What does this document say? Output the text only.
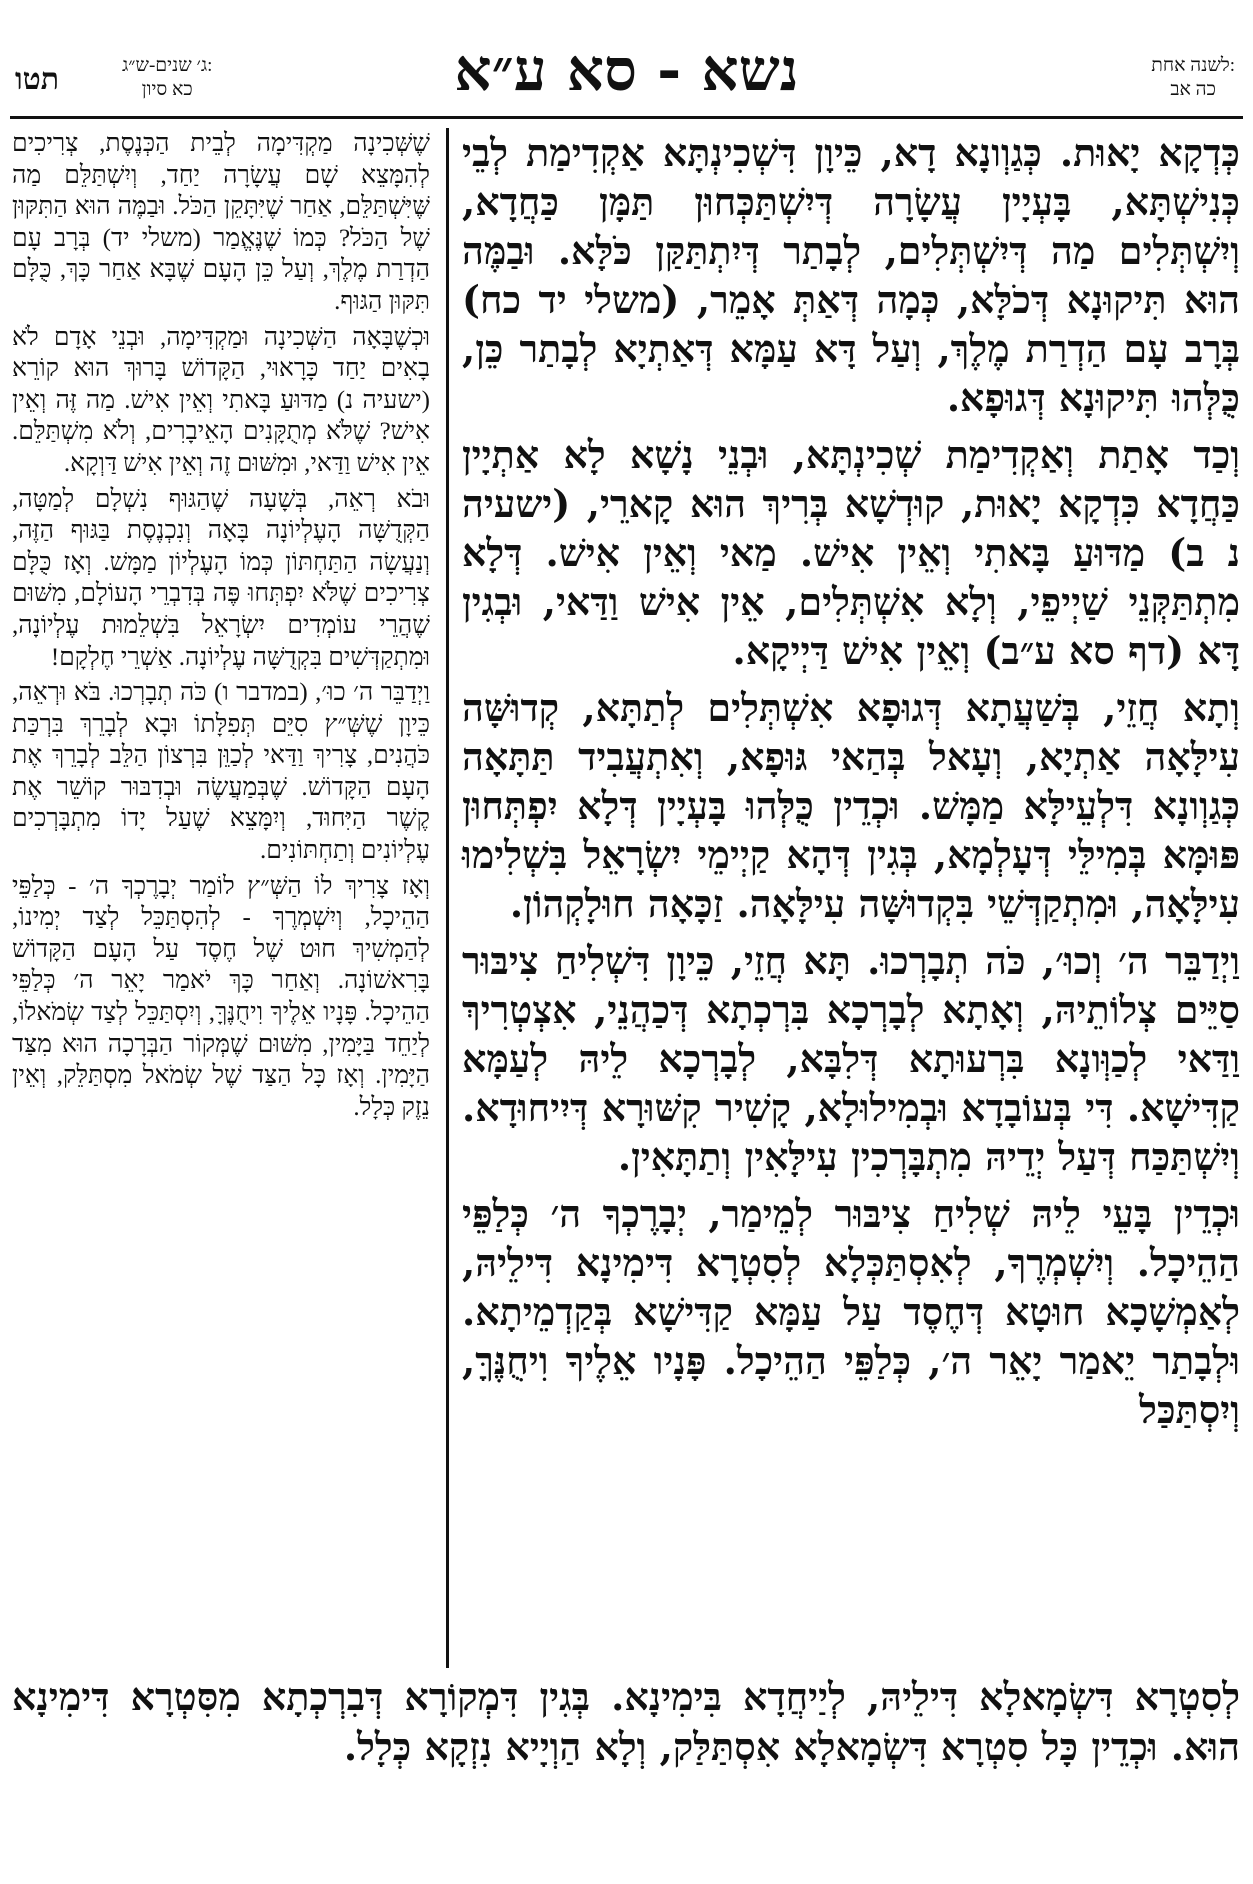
תטו	ג׳ שנים-ש״ג:
כא סיון	נשא - סא ע״א	לשנה אחת:
כה אב

כְּדְקָא יָאוּת. כְּגַוְונָא דָא, כֵּיוָן דִּשְׁכִינְתָּא אַקְדִימַת לְבֵי כְּנִישְׁתָּא, בָּעְיָין עֲשָׂרָה דְּיִשְׁתַּכְּחוּן תַּמָּן כַּחֲדָא, וְיִשְׁתְּלִים מַה דְּיִשְׁתְּלִים, לְבָתַר דְּיִתְתַּקַּן כֹּלָּא. וּבַמֶּה הוּא תִּיקוּנָא דְּכֹלָּא, כְּמָה דְּאַתְּ אָמֵר, (משלי יד כח) בְּרָב עָם הַדְרַת מֶלֶךְ, וְעַל דָּא עַמָּא דְּאַתְיָא לְבָתַר כֵּן, כֻּלְּהוּ תִּיקוּנָא דְּגוּפָא.

וְכַד אָתַת וְאַקְדִימַת שְׁכִינְתָּא, וּבְנֵי נָשָׁא לָא אַתְיָין כַּחֲדָא כִּדְקָא יָאוּת, קוּדְשָׁא בְּרִיךְ הוּא קָארֵי, (ישעיה נ ב) מַדּוּעַ בָּאתִי וְאֵין אִישׁ. מַאי וְאֵין אִישׁ. דְּלָא מִתְתַּקְּנֵי שַׁיְיפֵי, וְלָא אִשְׁתְּלִים, אֵין אִישׁ וַדַּאי, וּבְגִין דָּא (דף סא ע״ב) וְאֵין אִישׁ דַּיְיקָא.

וְתָא חֲזֵי, בְּשַׁעֲתָא דְּגוּפָא אִשְׁתְּלִים לְתַתָּא, קְדוּשָּׁה עִילָּאָה אַתְיָא, וְעָאל בְּהַאי גּוּפָא, וְאִתְעֲבִיד תַּתָּאָה כְּגַוְונָא דִּלְעֵילָּא מַמָּשׁ. וּכְדֵין כֻּלְּהוּ בָּעְיָין דְּלָא יִפְתְּחוּן פּוּמָּא בְּמִילֵּי דְּעָלְמָא, בְּגִין דְּהָא קַיְימֵי יִשְׂרָאֵל בִּשְׁלִימוּ עִילָּאָה, וּמִתְקַדְּשֵׁי בִּקְדוּשָּׁה עִילָּאָה. זַכָּאָה חוּלָקְהוֹן.

וַיְדַבֵּר ה׳ וְכוּ׳, כֹּה תְבָרְכוּ. תָּא חֲזֵי, כֵּיוָן דִּשְׁלִיחַ צִיבּוּר סַיֵּים צְלוֹתֵיהּ, וְאָתָא לְבָרְכָא בִּרְכְתָא דְּכַהֲנֵי, אִצְטְרִיךְ וַדַּאי לְכַוְּונָא בִּרְעוּתָא דְּלִבָּא, לְבָרְכָא לֵיהּ לְעַמָּא קַדִּישָׁא. דִּי בְּעוֹבָדָא וּבְמִילוּלָא, קָשִׁיר קִשּׁוּרָא דְּיִיחוּדָא. וְיִשְׁתַּכַּח דְּעַל יְדֵיהּ מִתְבָּרְכִין עִילָּאִין וְתַתָּאִין.

וּכְדֵין בָּעֵי לֵיהּ שְׁלִיחַ צִיבּוּר לְמֵימַר, יְבָרֶכְךָ ה׳ כְּלַפֵּי הַהֵיכָל. וְיִשְׁמְרֶךָ, לְאִסְתַּכְּלָא לְסִטְרָא דִּימִינָא דִּילֵיהּ, לְאַמְשָׁכָא חוּטָא דְּחֶסֶד עַל עַמָּא קַדִּישָׁא בְּקַדְמֵיתָא. וּלְבָתַר יֵאמַר יָאֵר ה׳, כְּלַפֵּי הַהֵיכָל. פָּנָיו אֵלֶיךָ וִיחֻנֶּךָּ, וְיִסְתַּכַּל

שֶׁשְּׁכִינָה מַקְדִּימָה לְבֵית הַכְּנֶסֶת, צְרִיכִים לְהִמָּצֵא שָׁם עֲשָׂרָה יַחַד, וְיִשְׁתַּלֵּם מַה שֶּׁיִּשְׁתַּלֵּם, אַחַר שֶׁיִּתָּקֵן הַכֹּל. וּבַמֶּה הוּא הַתִּקּוּן שֶׁל הַכֹּל? כְּמוֹ שֶׁנֶּאֱמַר (משלי יד) בְּרָב עָם הַדְרַת מֶלֶךְ, וְעַל כֵּן הָעָם שֶׁבָּא אַחַר כָּךְ, כֻּלָּם תִּקּוּן הַגּוּף.

וּכְשֶׁבָּאָה הַשְּׁכִינָה וּמַקְדִּימָה, וּבְנֵי אָדָם לֹא בָאִים יַחַד כָּרָאוּי, הַקָּדוֹשׁ בָּרוּךְ הוּא קוֹרֵא (ישעיה נ) מַדּוּעַ בָּאתִי וְאֵין אִישׁ. מַה זֶּה וְאֵין אִישׁ? שֶׁלֹּא מְתֻקָּנִים הָאֵיבָרִים, וְלֹא מִשְׁתַּלֵּם. אֵין אִישׁ וַדַּאי, וּמִשּׁוּם זֶה וְאֵין אִישׁ דַּוְקָא.

וּבֹא רְאֵה, בְּשָׁעָה שֶׁהַגּוּף נִשְׁלָם לְמַטָּה, הַקְּדֻשָּׁה הָעֶלְיוֹנָה בָּאָה וְנִכְנֶסֶת בַּגּוּף הַזֶּה, וְנַעֲשָׂה הַתַּחְתּוֹן כְּמוֹ הָעֶלְיוֹן מַמָּשׁ. וְאָז כֻּלָּם צְרִיכִים שֶׁלֹּא יִפְתְּחוּ פֶּה בְּדִבְרֵי הָעוֹלָם, מִשּׁוּם שֶׁהֲרֵי עוֹמְדִים יִשְׂרָאֵל בִּשְׁלֵמוּת עֶלְיוֹנָה, וּמִתְקַדְּשִׁים בִּקְדֻשָּׁה עֶלְיוֹנָה. אַשְׁרֵי חֶלְקָם!

וַיְדַבֵּר ה׳ כוּ׳, (במדבר ו) כֹּה תְבָרְכוּ. בֹּא וּרְאֵה, כֵּיוָן שֶׁשְּׁ״ץ סִיֵּם תְּפִלָּתוֹ וּבָא לְבָרֵךְ בִּרְכַּת כֹּהֲנִים, צָרִיךְ וַדַּאי לְכַוֵּן בִּרְצוֹן הַלֵּב לְבָרֵךְ אֶת הָעָם הַקָּדוֹשׁ. שֶׁבְּמַעֲשֶׂה וּבְדִבּוּר קוֹשֵׁר אֶת קֶשֶׁר הַיִּחוּד, וְיִמָּצֵא שֶׁעַל יָדוֹ מִתְבָּרְכִים עֶלְיוֹנִים וְתַחְתּוֹנִים.

וְאָז צָרִיךְ לוֹ הַשְּׁ״ץ לוֹמַר יְבָרֶכְךָ ה׳ - כְּלַפֵּי הַהֵיכָל, וְיִשְׁמְרֶךָ - לְהִסְתַּכֵּל לְצַד יְמִינוֹ, לְהַמְשִׁיךְ חוּט שֶׁל חֶסֶד עַל הָעָם הַקָּדוֹשׁ בָּרִאשׁוֹנָה. וְאַחַר כָּךְ יֹאמַר יָאֵר ה׳ כְּלַפֵּי הַהֵיכָל. פָּנָיו אֵלֶיךָ וִיחֻנֶּךָּ, וְיִסְתַּכֵּל לְצַד שְׂמֹאלוֹ, לְיַחֵד בַּיָּמִין, מִשּׁוּם שֶׁמְּקוֹר הַבְּרָכָה הוּא מִצַּד הַיָּמִין. וְאָז כָּל הַצַּד שֶׁל שְׂמֹאל מִסְתַּלֵּק, וְאֵין נֵזֶק כְּלָל.

לְסִטְרָא דִּשְׂמָאלָא דִּילֵיהּ, לְיַיחֲדָא בִּימִינָא. בְּגִין דִּמְקוֹרָא דְּבִרְכְתָא מִסִּטְרָא דִּימִינָא הוּא. וּכְדֵין כָּל סִטְרָא דִּשְׂמָאלָא אִסְתַּלַּק, וְלָא הַוְיָיא נִזְקָא כְּלָל.
